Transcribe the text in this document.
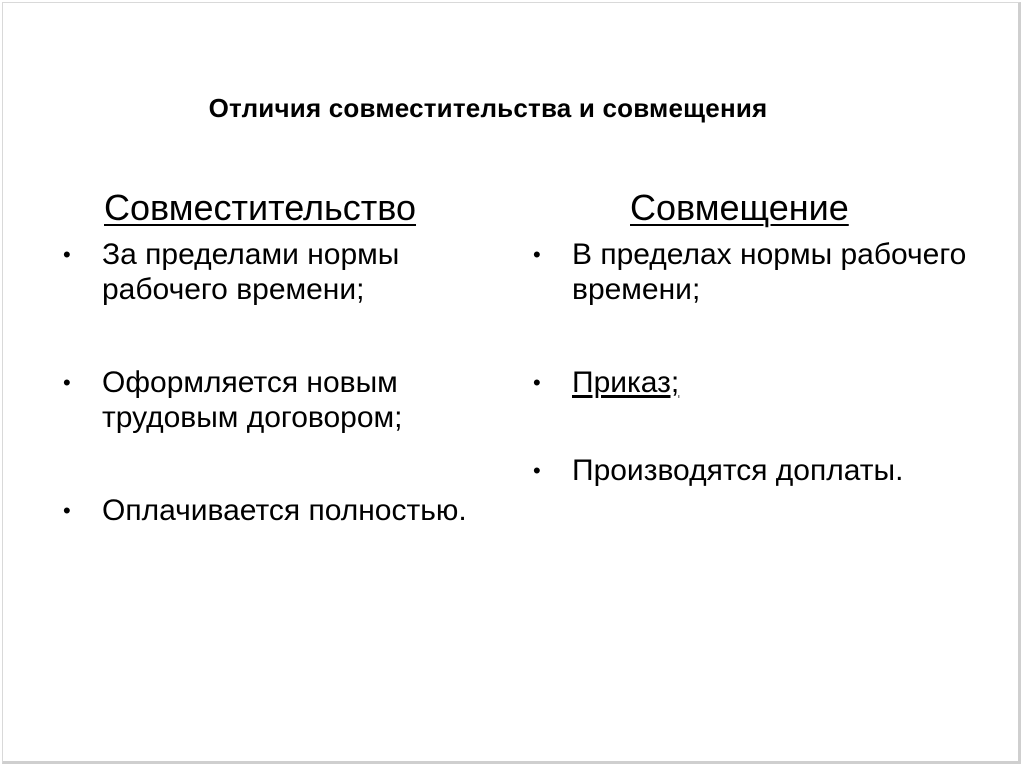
Отличия совместительства и совмещения
Совместительство	Совмещение
• За пределами нормы рабочего времени;
• Оформляется новым трудовым договором;
• Оплачивается полностью.
• В пределах нормы рабочего времени;
• Приказ;
• Производятся доплаты.
